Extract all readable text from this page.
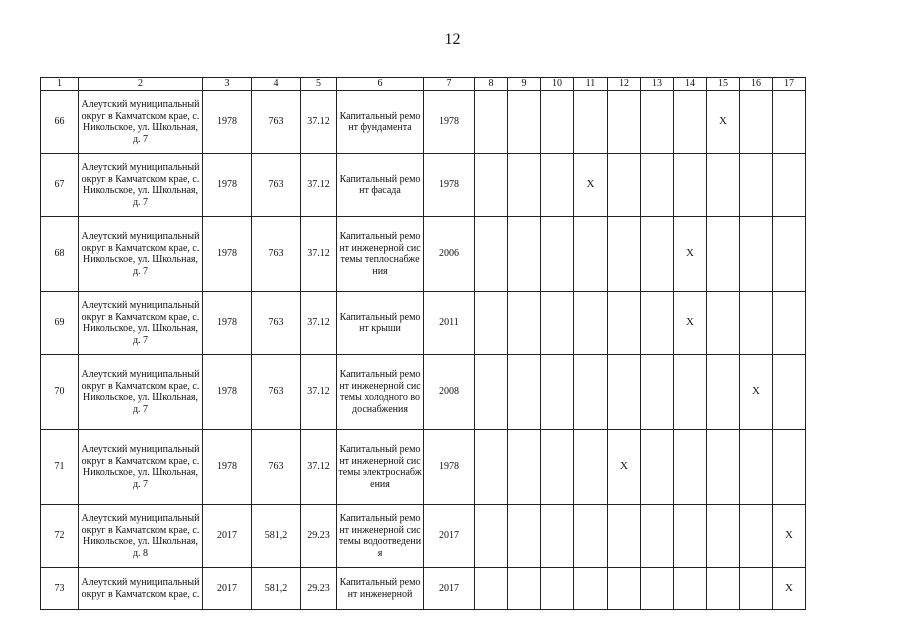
12
1	2	3	4	5	6	7	8	9	10	11	12	13	14	15	16	17
66	Алеутский муниципальный округ в Камчатском крае, с. Никольское, ул. Школьная,д. 7	1978	763	37.12	Капитальный ремонт фундамента	1978								X		
67	Алеутский муниципальный округ в Камчатском крае, с. Никольское, ул. Школьная,д. 7	1978	763	37.12	Капитальный ремонт фасада	1978				X						
68	Алеутский муниципальный округ в Камчатском крае, с. Никольское, ул. Школьная,д. 7	1978	763	37.12	Капитальный ремонт инженерной системы теплоснабжения	2006							X			
69	Алеутский муниципальный округ в Камчатском крае, с. Никольское, ул. Школьная,д. 7	1978	763	37.12	Капитальный ремонт крыши	2011							X			
70	Алеутский муниципальный округ в Камчатском крае, с. Никольское, ул. Школьная,д. 7	1978	763	37.12	Капитальный ремонт инженерной системы холодного водоснабжения	2008									X	
71	Алеутский муниципальный округ в Камчатском крае, с. Никольское, ул. Школьная,д. 7	1978	763	37.12	Капитальный ремонт инженерной системы электроснабжения	1978					X					
72	Алеутский муниципальный округ в Камчатском крае, с. Никольское, ул. Школьная,д. 8	2017	581,2	29.23	Капитальный ремонт инженерной системы водоотведения	2017										X
73	Алеутский муниципальный округ в Камчатском крае, с.	2017	581,2	29.23	Капитальный ремонт инженерной	2017										X
